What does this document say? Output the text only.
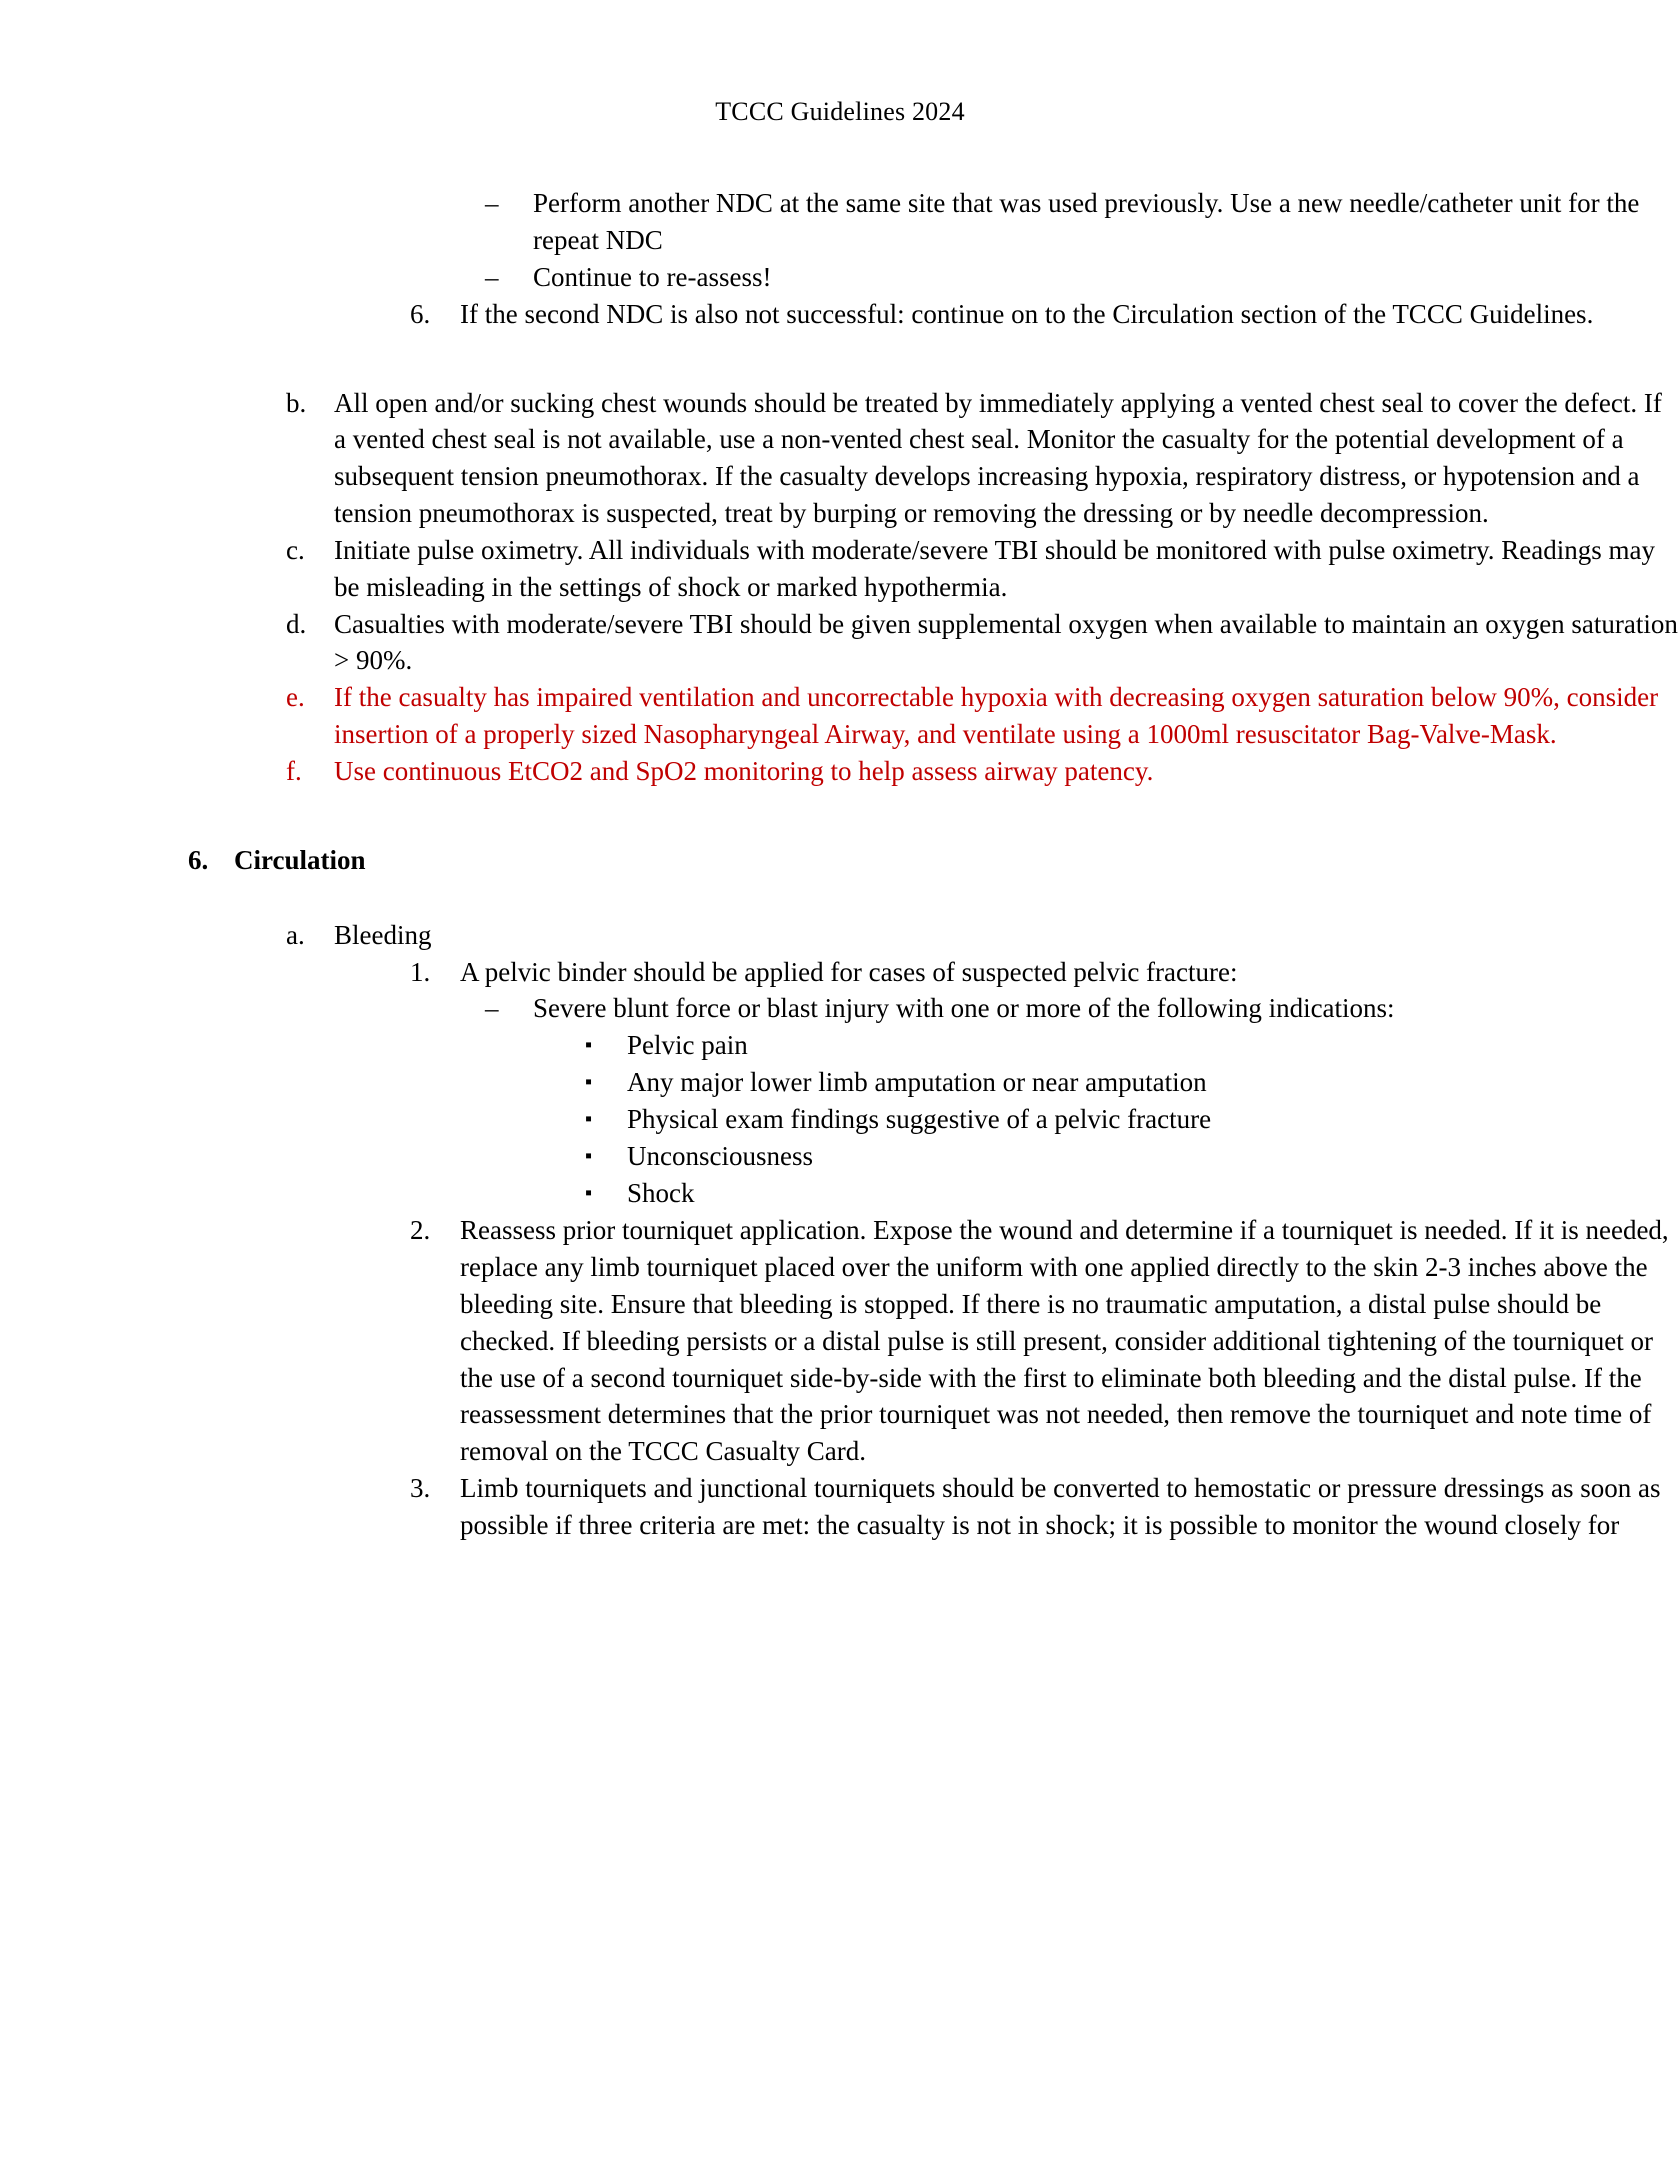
TCCC Guidelines 2024
–	Perform another NDC at the same site that was used previously. Use a new needle/catheter unit for the repeat NDC
–	Continue to re-assess!
6.	If the second NDC is also not successful: continue on to the Circulation section of the TCCC Guidelines.
b.	All open and/or sucking chest wounds should be treated by immediately applying a vented chest seal to cover the defect. If a vented chest seal is not available, use a non-vented chest seal. Monitor the casualty for the potential development of a subsequent tension pneumothorax. If the casualty develops increasing hypoxia, respiratory distress, or hypotension and a tension pneumothorax is suspected, treat by burping or removing the dressing or by needle decompression.
c.	Initiate pulse oximetry. All individuals with moderate/severe TBI should be monitored with pulse oximetry. Readings may be misleading in the settings of shock or marked hypothermia.
d.	Casualties with moderate/severe TBI should be given supplemental oxygen when available to maintain an oxygen saturation > 90%.
e.	If the casualty has impaired ventilation and uncorrectable hypoxia with decreasing oxygen saturation below 90%, consider insertion of a properly sized Nasopharyngeal Airway, and ventilate using a 1000ml resuscitator Bag-Valve-Mask.
f.	Use continuous EtCO2 and SpO2 monitoring to help assess airway patency.
6. Circulation
a.	Bleeding
1.	A pelvic binder should be applied for cases of suspected pelvic fracture:
–	Severe blunt force or blast injury with one or more of the following indications:
▪	Pelvic pain
▪	Any major lower limb amputation or near amputation
▪	Physical exam findings suggestive of a pelvic fracture
▪	Unconsciousness
▪	Shock
2.	Reassess prior tourniquet application. Expose the wound and determine if a tourniquet is needed. If it is needed, replace any limb tourniquet placed over the uniform with one applied directly to the skin 2-3 inches above the bleeding site. Ensure that bleeding is stopped. If there is no traumatic amputation, a distal pulse should be checked. If bleeding persists or a distal pulse is still present, consider additional tightening of the tourniquet or the use of a second tourniquet side-by-side with the first to eliminate both bleeding and the distal pulse. If the reassessment determines that the prior tourniquet was not needed, then remove the tourniquet and note time of removal on the TCCC Casualty Card.
3.	Limb tourniquets and junctional tourniquets should be converted to hemostatic or pressure dressings as soon as possible if three criteria are met: the casualty is not in shock; it is possible to monitor the wound closely for
